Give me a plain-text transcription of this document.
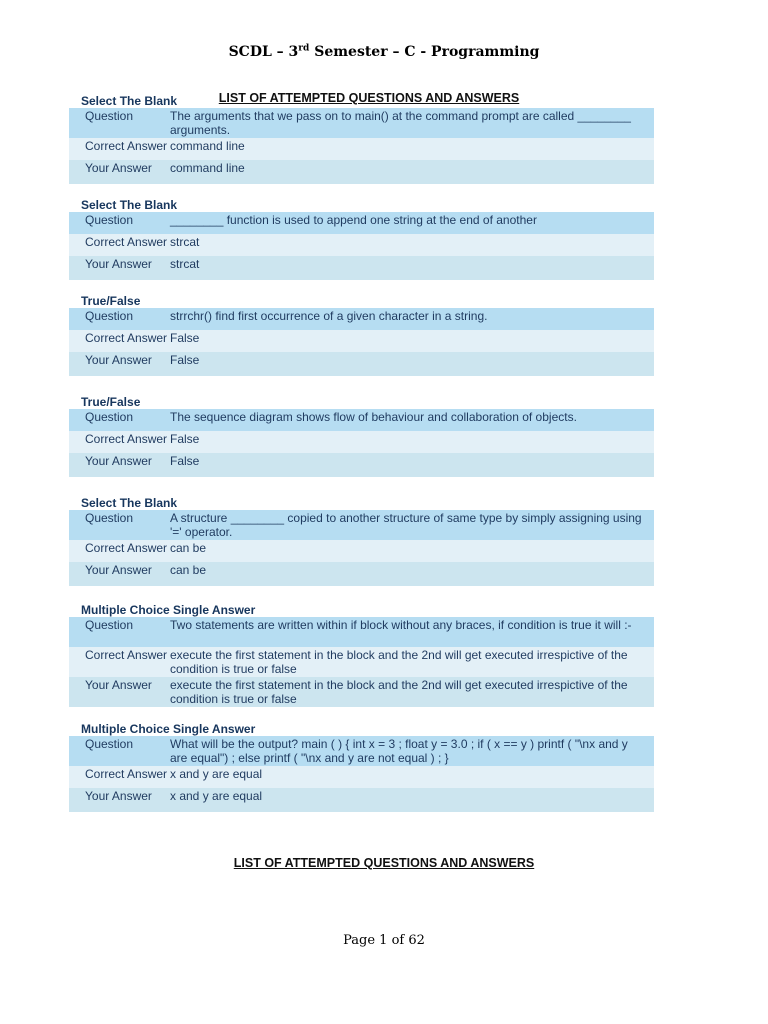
SCDL – 3rd Semester – C - Programming
LIST OF ATTEMPTED QUESTIONS AND ANSWERS
Select The Blank
Question	The arguments that we pass on to main() at the command prompt are called ________ arguments.
Correct Answer command line
Your Answer	command line
Select The Blank
Question	________ function is used to append one string at the end of another
Correct Answer strcat
Your Answer	strcat
True/False
Question	strrchr() find first occurrence of a given character in a string.
Correct Answer False
Your Answer	False
True/False
Question	The sequence diagram shows flow of behaviour and collaboration of objects.
Correct Answer False
Your Answer	False
Select The Blank
Question	A structure ________ copied to another structure of same type by simply assigning using '=' operator.
Correct Answer can be
Your Answer	can be
Multiple Choice Single Answer
Question	Two statements are written within if block without any braces, if condition is true it will :-
Correct Answer execute the first statement in the block and the 2nd will get executed irrespictive of the condition is true or false
Your Answer	execute the first statement in the block and the 2nd will get executed irrespictive of the condition is true or false
Multiple Choice Single Answer
Question	What will be the output? main ( ) { int x = 3 ; float y = 3.0 ; if ( x == y ) printf ( "\nx and y are equal") ; else printf ( "\nx and y are not equal ) ; }
Correct Answer x and y are equal
Your Answer	x and y are equal
LIST OF ATTEMPTED QUESTIONS AND ANSWERS
Page 1 of 62
